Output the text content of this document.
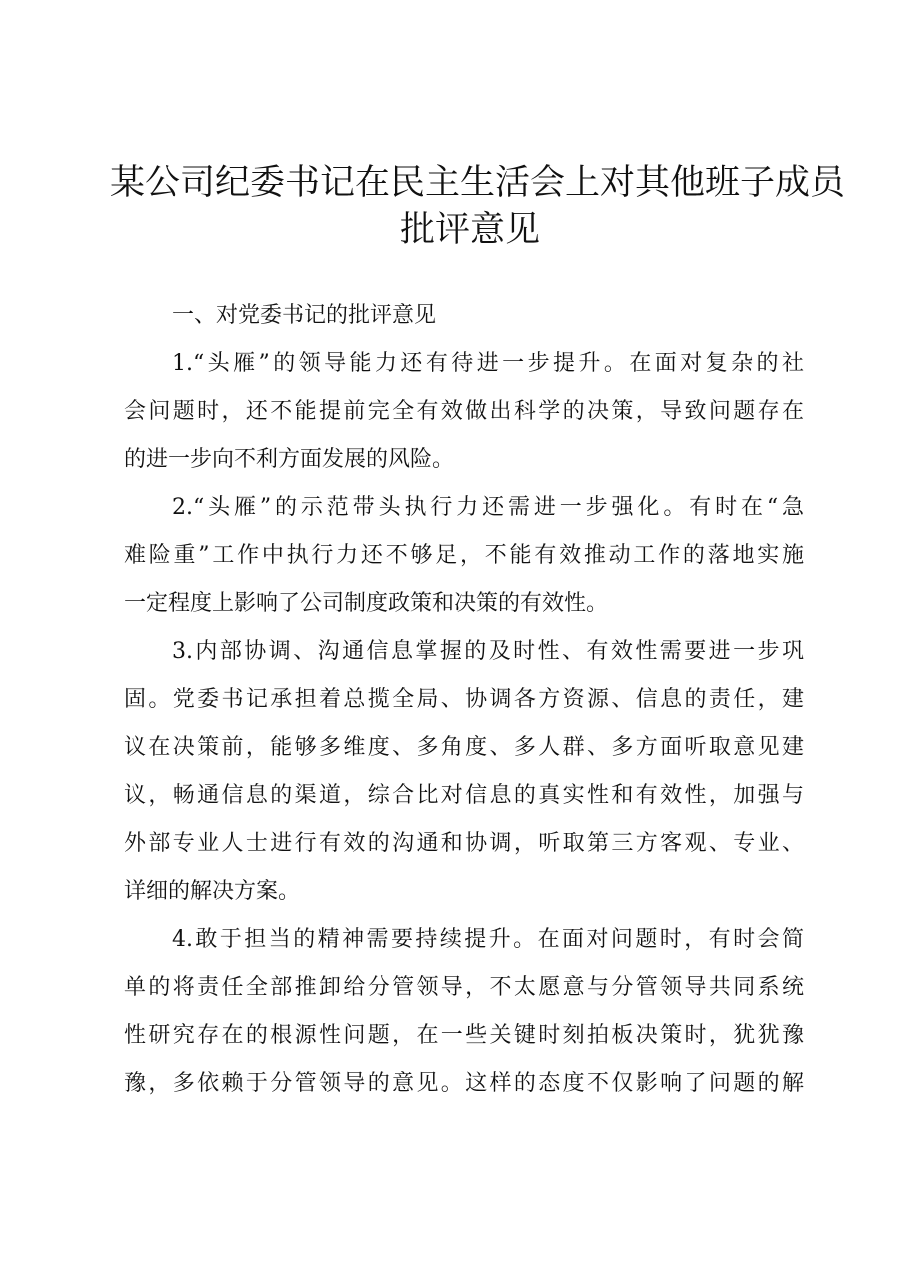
某公司纪委书记在民主生活会上对其他班子成员
批评意见

一、对党委书记的批评意见

1.“头雁”的领导能力还有待进一步提升。在面对复杂的社
会问题时，还不能提前完全有效做出科学的决策，导致问题存在
的进一步向不利方面发展的风险。

2.“头雁”的示范带头执行力还需进一步强化。有时在“急
难险重”工作中执行力还不够足，不能有效推动工作的落地实施
一定程度上影响了公司制度政策和决策的有效性。

3.内部协调、沟通信息掌握的及时性、有效性需要进一步巩
固。党委书记承担着总揽全局、协调各方资源、信息的责任，建
议在决策前，能够多维度、多角度、多人群、多方面听取意见建
议，畅通信息的渠道，综合比对信息的真实性和有效性，加强与
外部专业人士进行有效的沟通和协调，听取第三方客观、专业、
详细的解决方案。

4.敢于担当的精神需要持续提升。在面对问题时，有时会简
单的将责任全部推卸给分管领导，不太愿意与分管领导共同系统
性研究存在的根源性问题，在一些关键时刻拍板决策时，犹犹豫
豫，多依赖于分管领导的意见。这样的态度不仅影响了问题的解
